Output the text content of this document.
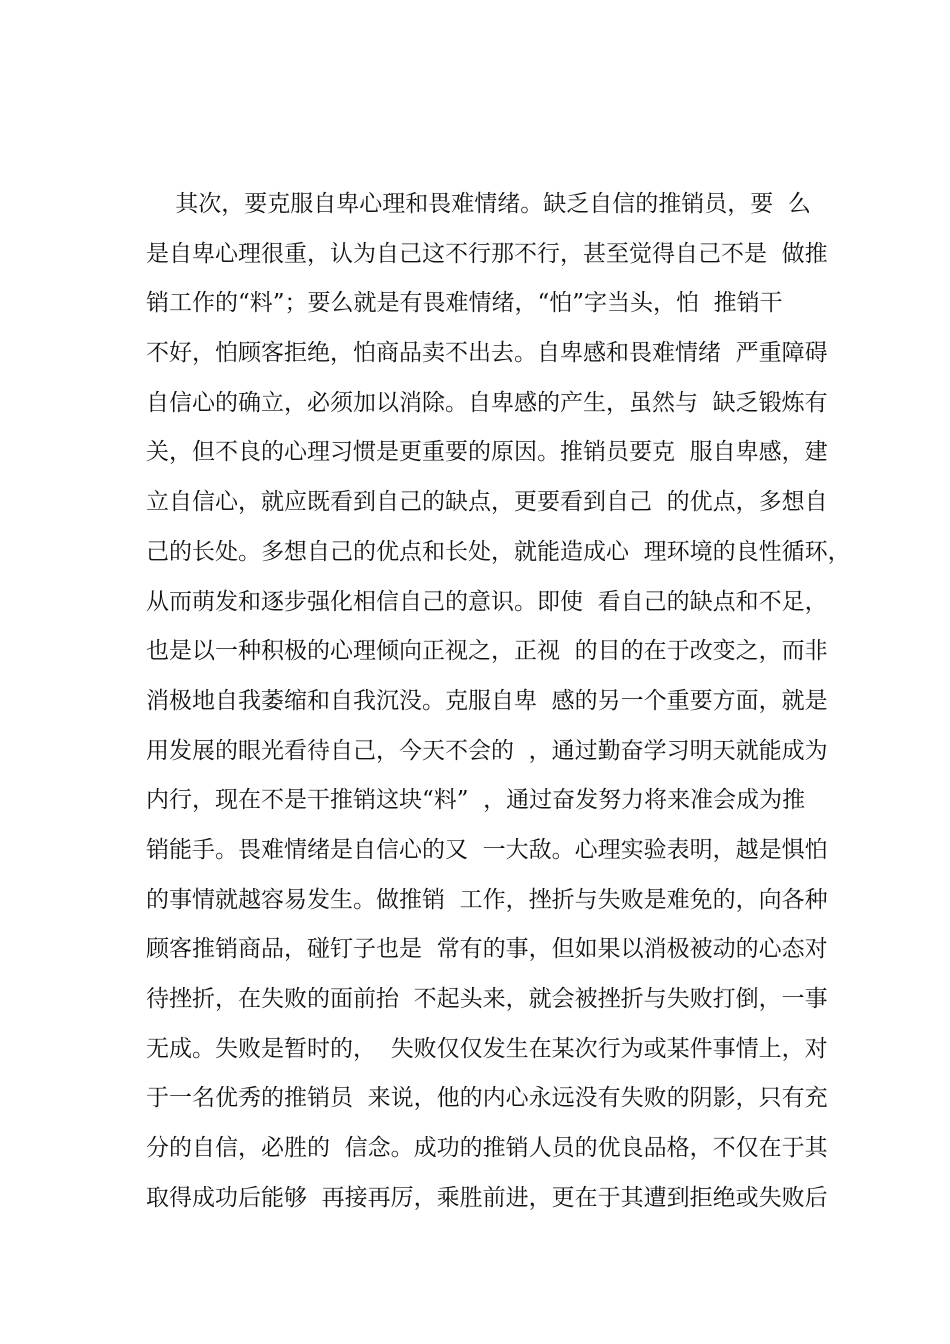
其次，要克服自卑心理和畏难情绪。缺乏自信的推销员，要  么
是自卑心理很重，认为自己这不行那不行，甚至觉得自己不是  做推
销工作的“料”；要么就是有畏难情绪，“怕”字当头，怕  推销干
不好，怕顾客拒绝，怕商品卖不出去。自卑感和畏难情绪  严重障碍
自信心的确立，必须加以消除。自卑感的产生，虽然与  缺乏锻炼有
关，但不良的心理习惯是更重要的原因。推销员要克  服自卑感，建
立自信心，就应既看到自己的缺点，更要看到自己  的优点，多想自
己的长处。多想自己的优点和长处，就能造成心  理环境的良性循环，
从而萌发和逐步强化相信自己的意识。即使  看自己的缺点和不足，
也是以一种积极的心理倾向正视之，正视  的目的在于改变之，而非
消极地自我萎缩和自我沉没。克服自卑  感的另一个重要方面，就是
用发展的眼光看待自己，今天不会的  ，通过勤奋学习明天就能成为
内行，现在不是干推销这块“料”  ，通过奋发努力将来准会成为推
销能手。畏难情绪是自信心的又  一大敌。心理实验表明，越是惧怕
的事情就越容易发生。做推销  工作，挫折与失败是难免的，向各种
顾客推销商品，碰钉子也是  常有的事，但如果以消极被动的心态对
待挫折，在失败的面前抬  不起头来，就会被挫折与失败打倒，一事
无成。失败是暂时的，  失败仅仅发生在某次行为或某件事情上，对
于一名优秀的推销员  来说，他的内心永远没有失败的阴影，只有充
分的自信，必胜的  信念。成功的推销人员的优良品格，不仅在于其
取得成功后能够  再接再厉，乘胜前进，更在于其遭到拒绝或失败后
